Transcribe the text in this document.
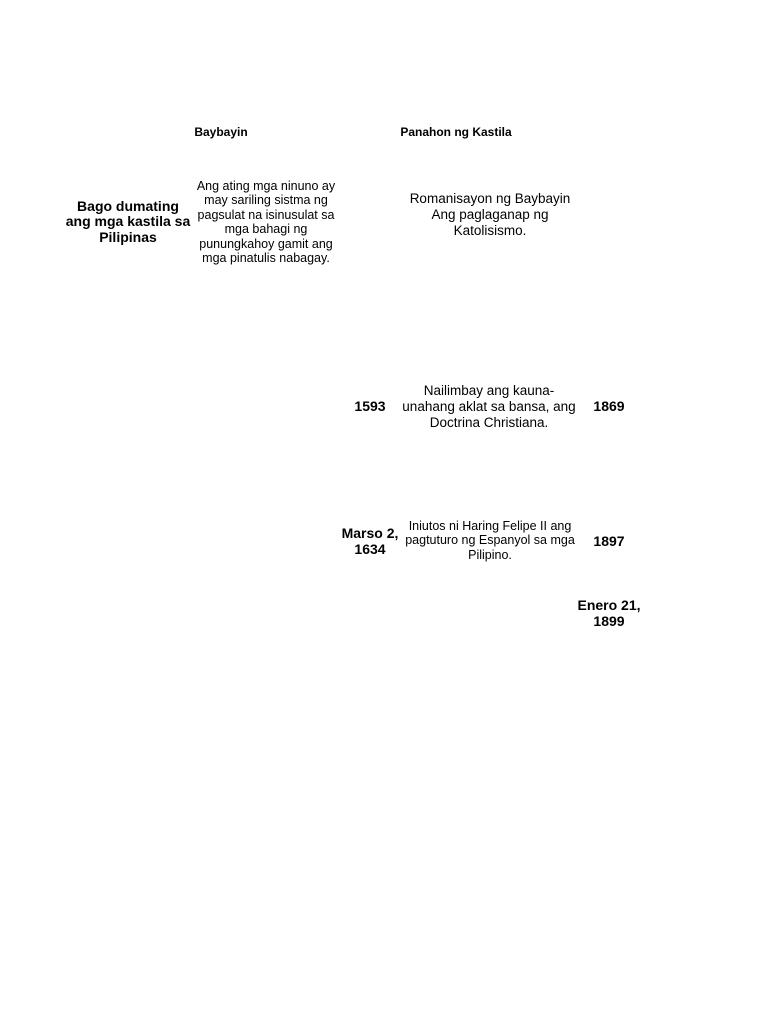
Baybayin	Panahon ng Kastila
Bago dumating ang mga kastila sa Pilipinas
Ang ating mga ninuno ay may sariling sistma ng pagsulat na isinusulat sa mga bahagi ng punungkahoy gamit ang mga pinatulis nabagay.
Romanisayon ng Baybayin Ang paglaganap ng Katolisismo.
1593
Nailimbay ang kauna-unahang aklat sa bansa, ang Doctrina Christiana.
1869
Marso 2, 1634
Iniutos ni Haring Felipe II ang pagtuturo ng Espanyol sa mga Pilipino.
1897
Enero 21, 1899
